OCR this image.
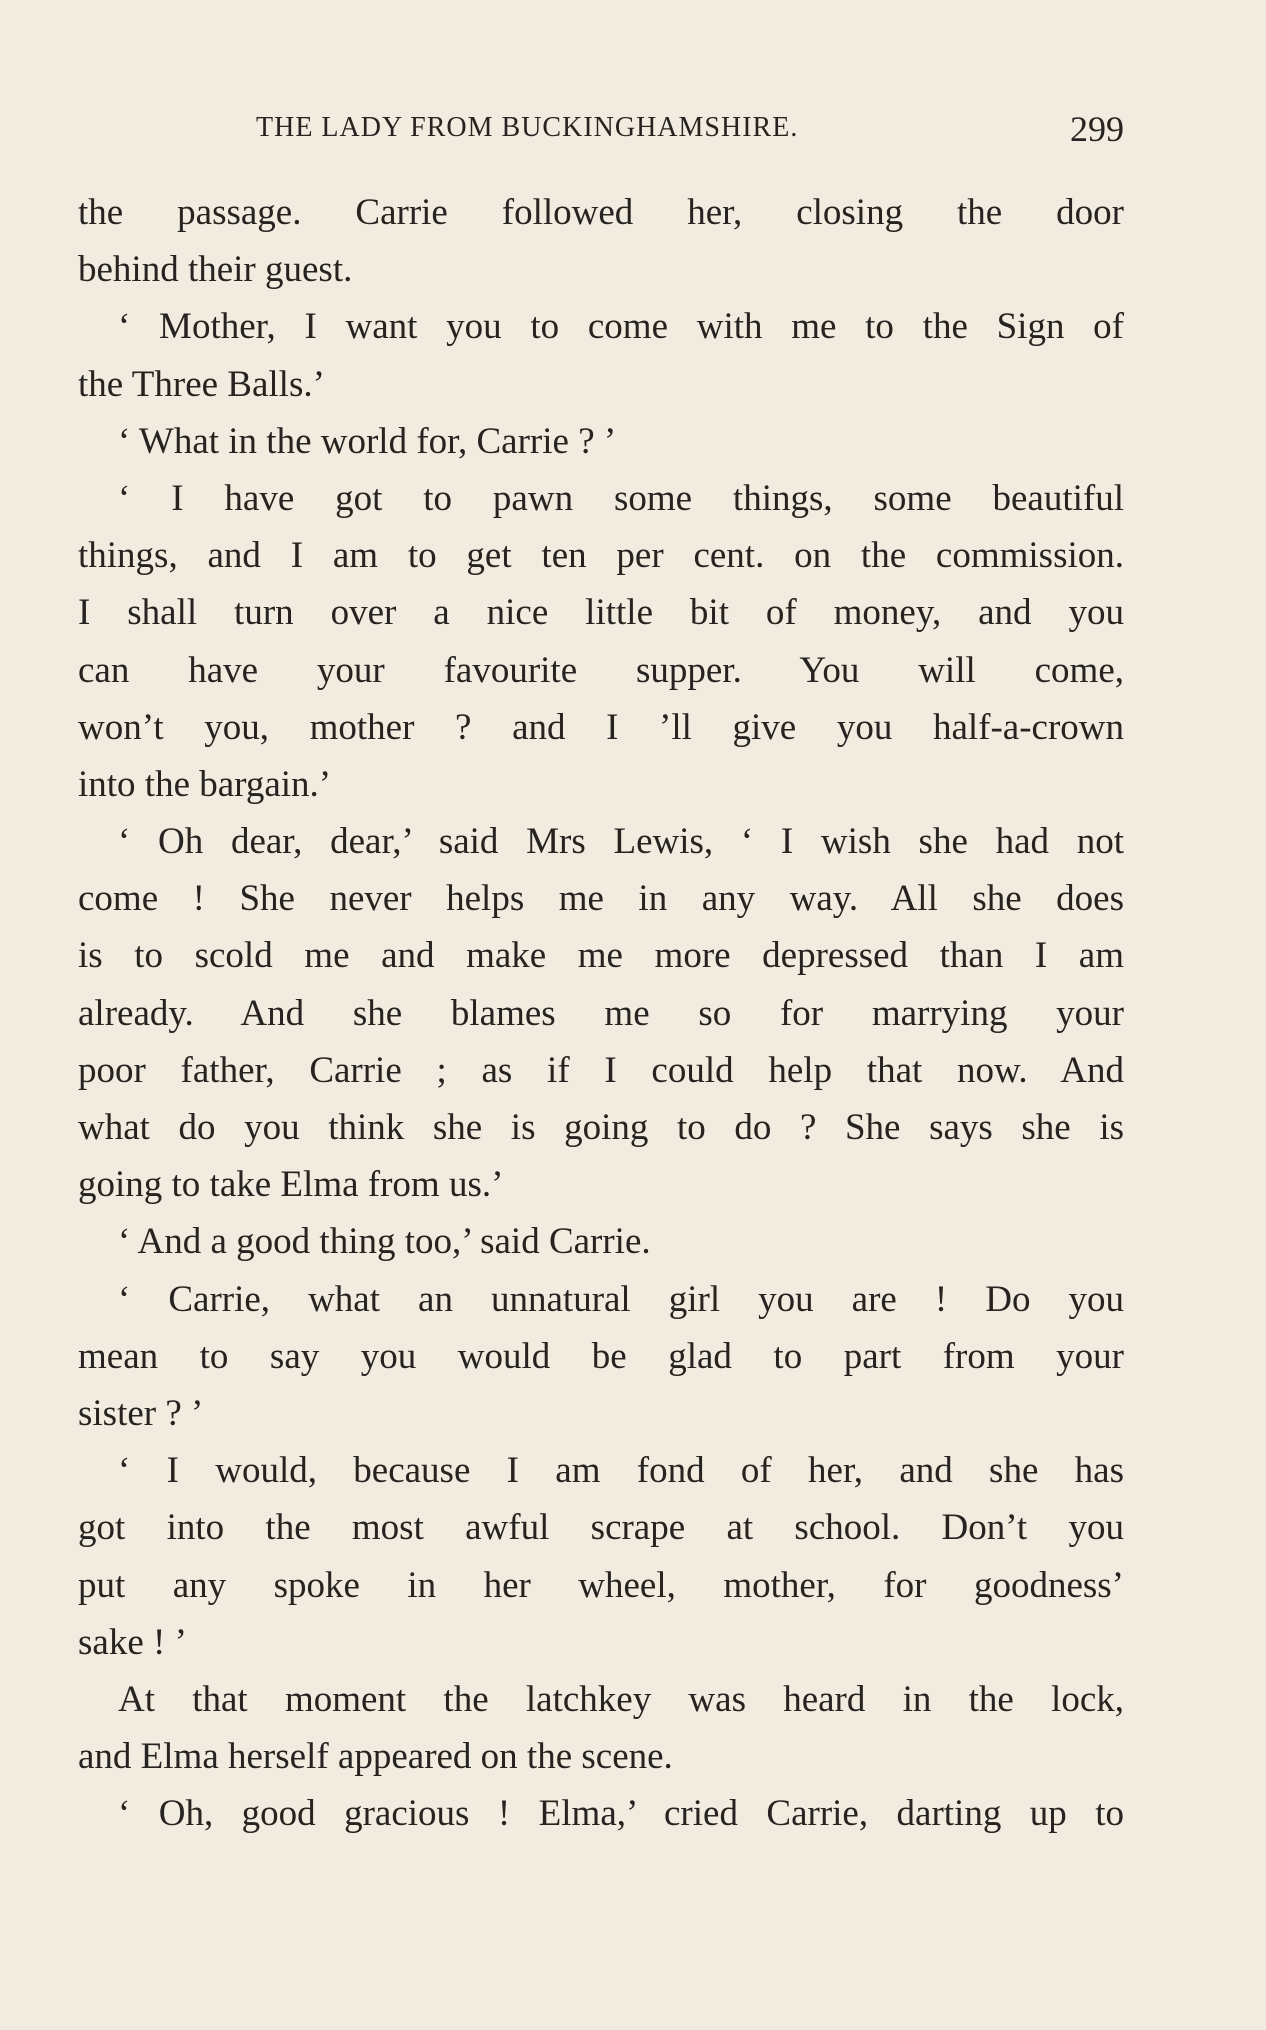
THE LADY FROM BUCKINGHAMSHIRE.	299
the passage. Carrie followed her, closing the door
behind their guest.
‘ Mother, I want you to come with me to the Sign of
the Three Balls.’
‘ What in the world for, Carrie ? ’
‘ I have got to pawn some things, some beautiful
things, and I am to get ten per cent. on the commission.
I shall turn over a nice little bit of money, and you
can have your favourite supper. You will come,
won’t you, mother ? and I ’ll give you half-a-crown
into the bargain.’
‘ Oh dear, dear,’ said Mrs Lewis, ‘ I wish she had not
come ! She never helps me in any way. All she does
is to scold me and make me more depressed than I am
already. And she blames me so for marrying your
poor father, Carrie ; as if I could help that now. And
what do you think she is going to do ? She says she is
going to take Elma from us.’
‘ And a good thing too,’ said Carrie.
‘ Carrie, what an unnatural girl you are ! Do you
mean to say you would be glad to part from your
sister ? ’
‘ I would, because I am fond of her, and she has
got into the most awful scrape at school. Don’t you
put any spoke in her wheel, mother, for goodness’
sake ! ’
At that moment the latchkey was heard in the lock,
and Elma herself appeared on the scene.
‘ Oh, good gracious ! Elma,’ cried Carrie, darting up to
